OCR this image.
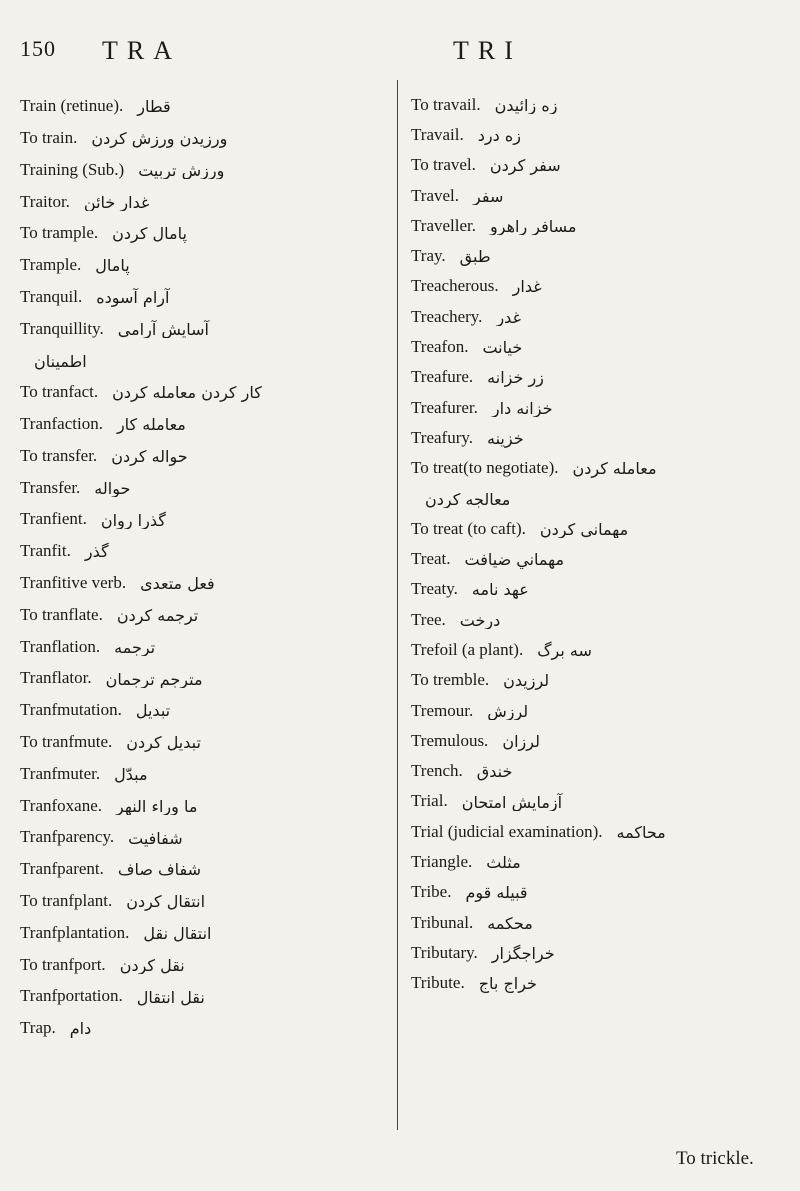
150 TRA	TRI
Train (retinue). قطار
To train. ورزيدن ورزش كردن
Training (Sub.) ورزش تربيت
Traitor. غدار خائن
To trample. پامال كردن
Trample. پامال
Tranquil. آرام آسوده
Tranquillity. آسايش آرامي
اطمينان
To tranfact. كار كردن معامله كردن
Tranfaction. معامله كار
To transfer. حواله كردن
Transfer. حواله
Tranfient. گذرا روان
Tranfit. گذر
Tranfitive verb. فعل متعدى
To tranflate. ترجمه كردن
Tranflation. ترجمه
Tranflator. مترجم ترجمان
Tranfmutation. تبديل
To tranfmute. تبديل كردن
Tranfmuter. مبدّل
Tranfoxane. ما وراء النهر
Tranfparency. شفافيت
Tranfparent. شفاف صاف
To tranfplant. انتقال كردن
Tranfplantation. انتقال نقل
To tranfport. نقل كردن
Tranfportation. نقل انتقال
Trap. دام
To travail. زه زائيدن
Travail. زه درد
To travel. سفر كردن
Travel. سفر
Traveller. مسافر راهرو
Tray. طبق
Treacherous. غدار
Treachery. غدر
Treafon. خيانت
Treafure. زر خزانه
Treafurer. خزانه دار
Treafury. خزينه
To treat(to negotiate). معامله كردن
معالجه كردن
To treat (to caft). مهماني كردن
Treat. مهماني ضيافت
Treaty. عهد نامه
Tree. درخت
Trefoil (a plant). سه برگ
To tremble. لرزيدن
Tremour. لرزش
Tremulous. لرزان
Trench. خندق
Trial. آزمايش امتحان
Trial (judicial examination). محاكمه
Triangle. مثلث
Tribe. قبيله قوم
Tribunal. محكمه
Tributary. خراجگزار
Tribute. خراج باج
To trickle.
